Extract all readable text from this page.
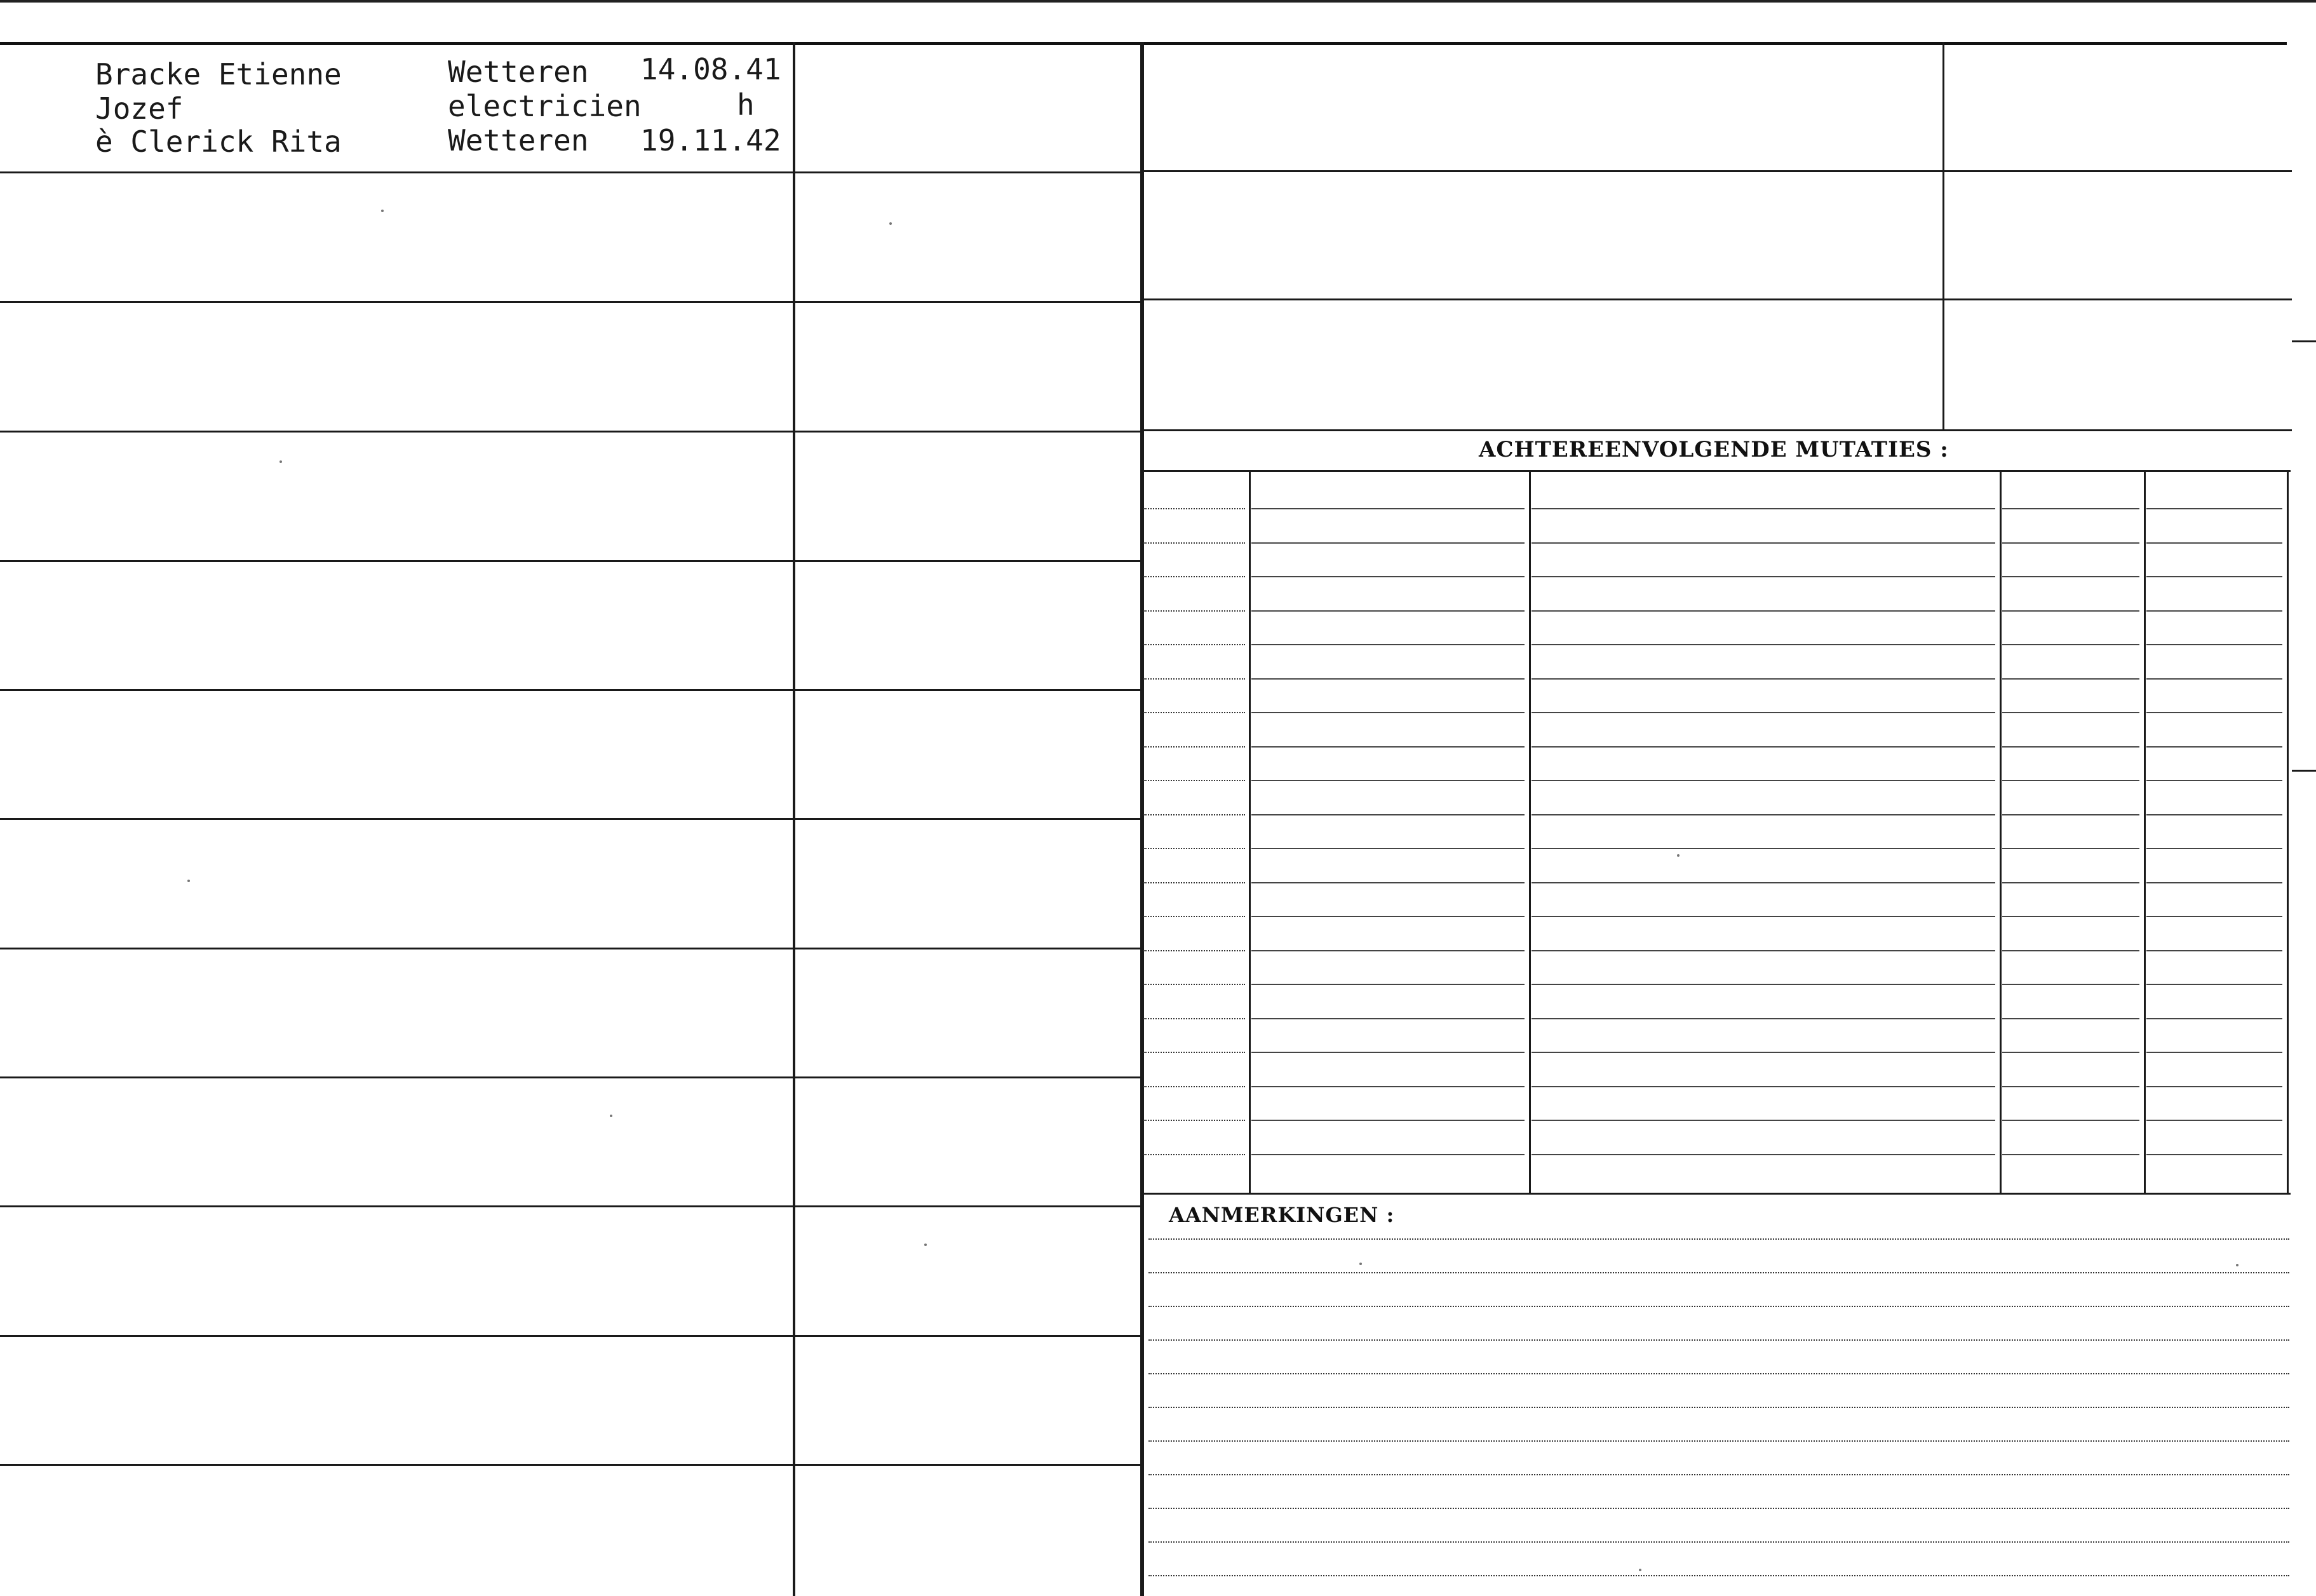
Bracke Etienne
Jozef
è Clerick Rita
Wetteren
electricien
Wetteren
14.08.41
h
19.11.42
ACHTEREENVOLGENDE MUTATIES :
AANMERKINGEN :
